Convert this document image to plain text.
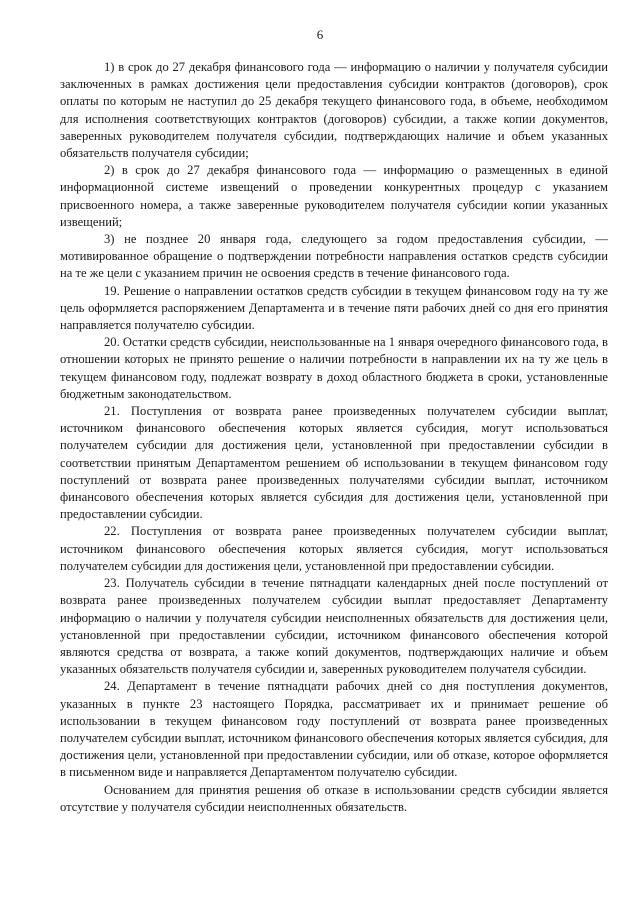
6

1) в срок до 27 декабря финансового года — информацию о наличии у получателя субсидии заключенных в рамках достижения цели предоставления субсидии контрактов (договоров), срок оплаты по которым не наступил до 25 декабря текущего финансового года, в объеме, необходимом для исполнения соответствующих контрактов (договоров) субсидии, а также копии документов, заверенных руководителем получателя субсидии, подтверждающих наличие и объем указанных обязательств получателя субсидии;

2) в срок до 27 декабря финансового года — информацию о размещенных в единой информационной системе извещений о проведении конкурентных процедур с указанием присвоенного номера, а также заверенные руководителем получателя субсидии копии указанных извещений;

3) не позднее 20 января года, следующего за годом предоставления субсидии, — мотивированное обращение о подтверждении потребности направления остатков средств субсидии на те же цели с указанием причин не освоения средств в течение финансового года.

19. Решение о направлении остатков средств субсидии в текущем финансовом году на ту же цель оформляется распоряжением Департамента и в течение пяти рабочих дней со дня его принятия направляется получателю субсидии.

20. Остатки средств субсидии, неиспользованные на 1 января очередного финансового года, в отношении которых не принято решение о наличии потребности в направлении их на ту же цель в текущем финансовом году, подлежат возврату в доход областного бюджета в сроки, установленные бюджетным законодательством.

21. Поступления от возврата ранее произведенных получателем субсидии выплат, источником финансового обеспечения которых является субсидия, могут использоваться получателем субсидии для достижения цели, установленной при предоставлении субсидии в соответствии принятым Департаментом решением об использовании в текущем финансовом году поступлений от возврата ранее произведенных получателями субсидии выплат, источником финансового обеспечения которых является субсидия для достижения цели, установленной при предоставлении субсидии.

22. Поступления от возврата ранее произведенных получателем субсидии выплат, источником финансового обеспечения которых является субсидия, могут использоваться получателем субсидии для достижения цели, установленной при предоставлении субсидии.

23. Получатель субсидии в течение пятнадцати календарных дней после поступлений от возврата ранее произведенных получателем субсидии выплат предоставляет Департаменту информацию о наличии у получателя субсидии неисполненных обязательств для достижения цели, установленной при предоставлении субсидии, источником финансового обеспечения которой являются средства от возврата, а также копий документов, подтверждающих наличие и объем указанных обязательств получателя субсидии и, заверенных руководителем получателя субсидии.

24. Департамент в течение пятнадцати рабочих дней со дня поступления документов, указанных в пункте 23 настоящего Порядка, рассматривает их и принимает решение об использовании в текущем финансовом году поступлений от возврата ранее произведенных получателем субсидии выплат, источником финансового обеспечения которых является субсидия, для достижения цели, установленной при предоставлении субсидии, или об отказе, которое оформляется в письменном виде и направляется Департаментом получателю субсидии.

Основанием для принятия решения об отказе в использовании средств субсидии является отсутствие у получателя субсидии неисполненных обязательств.
